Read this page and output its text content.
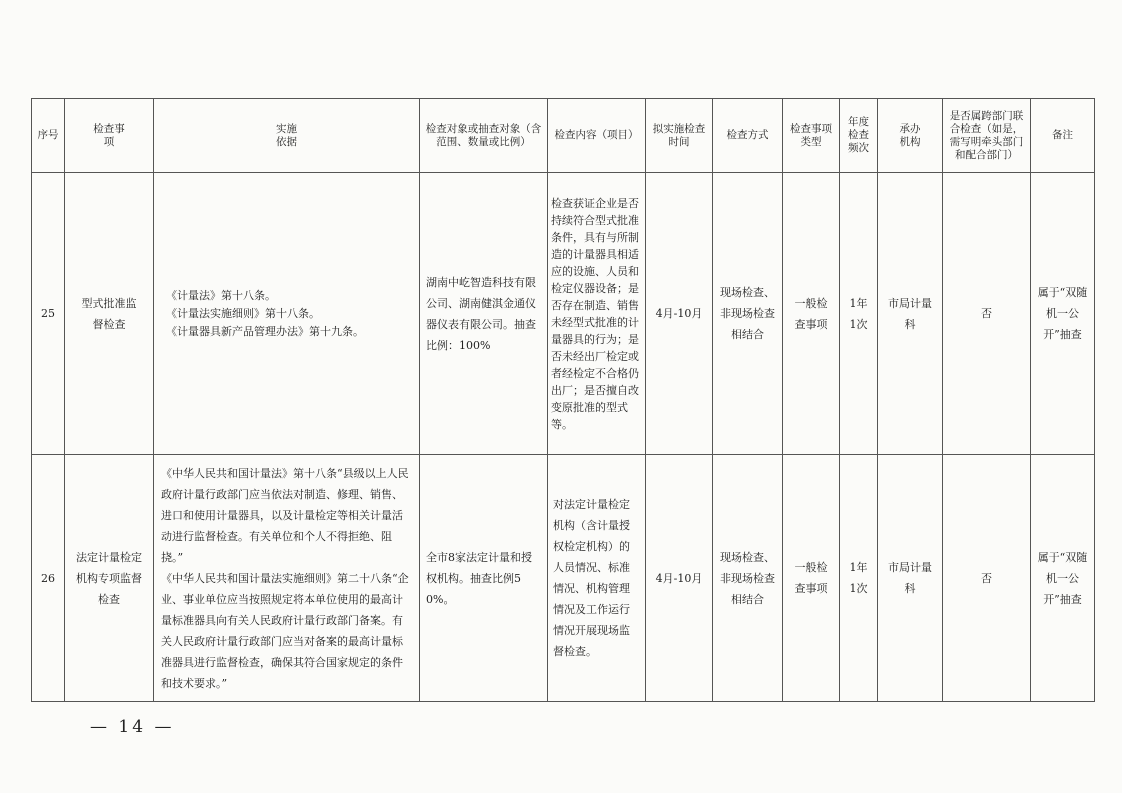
序号	检查事项	实施依据	检查对象或抽查对象（含范围、数量或比例）	检查内容（项目）	拟实施检查时间	检查方式	检查事项类型	年度检查频次	承办机构	是否属跨部门联合检查（如是，需写明牵头部门和配合部门）	备注
25	型式批准监督检查	《计量法》第十八条。
《计量法实施细则》第十八条。
《计量器具新产品管理办法》第十九条。	湖南中屹智造科技有限公司、湖南健淇金通仪器仪表有限公司。抽查比例：100%	检查获证企业是否持续符合型式批准条件，具有与所制造的计量器具相适应的设施、人员和检定仪器设备；是否存在制造、销售未经型式批准的计量器具的行为；是否未经出厂检定或者经检定不合格仍出厂；是否擅自改变原批准的型式等。	4月-10月	现场检查、非现场检查相结合	一般检查事项	1年1次	市局计量科	否	属于“双随机一公开”抽查
26	法定计量检定机构专项监督检查	《中华人民共和国计量法》第十八条“县级以上人民政府计量行政部门应当依法对制造、修理、销售、进口和使用计量器具，以及计量检定等相关计量活动进行监督检查。有关单位和个人不得拒绝、阻挠。”
《中华人民共和国计量法实施细则》第二十八条“企业、事业单位应当按照规定将本单位使用的最高计量标准器具向有关人民政府计量行政部门备案。有关人民政府计量行政部门应当对备案的最高计量标准器具进行监督检查，确保其符合国家规定的条件和技术要求。”	全市8家法定计量和授权机构。抽查比例50%。	对法定计量检定机构（含计量授权检定机构）的人员情况、标准情况、机构管理情况及工作运行情况开展现场监督检查。	4月-10月	现场检查、非现场检查相结合	一般检查事项	1年1次	市局计量科	否	属于“双随机一公开”抽查
— 14 —
